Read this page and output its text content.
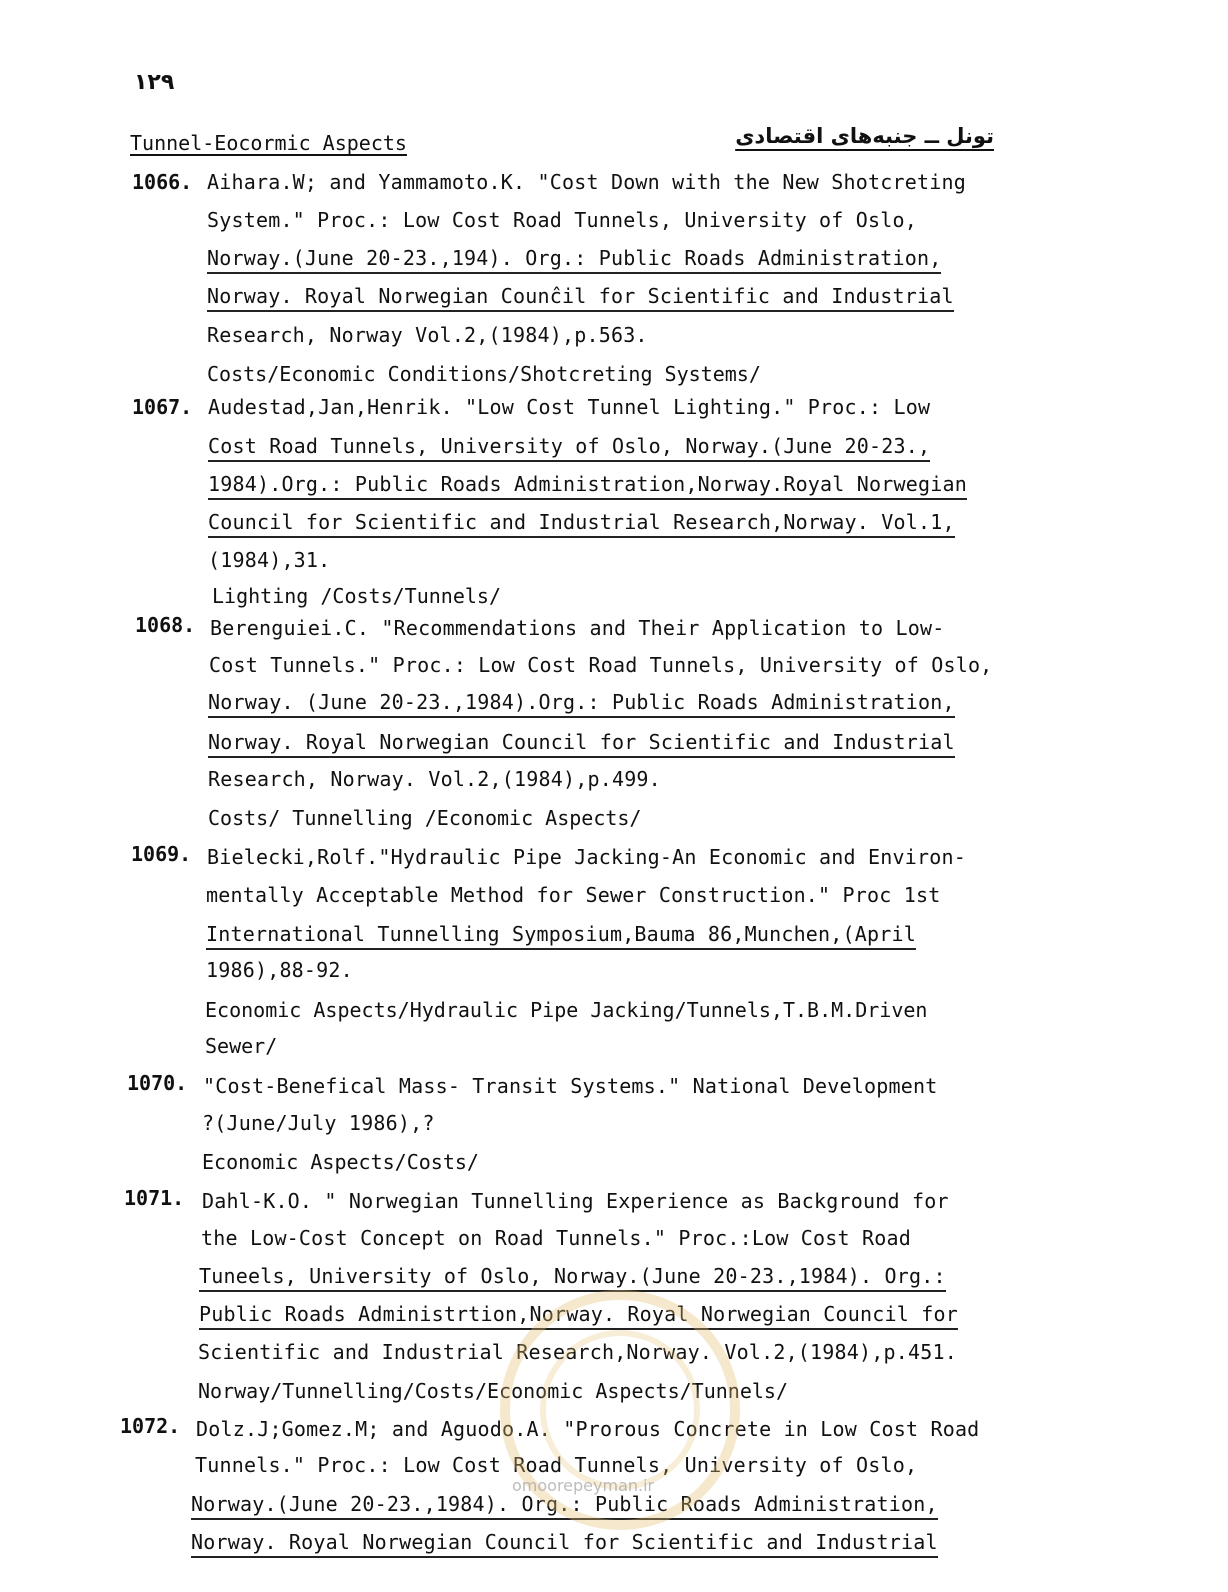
۱۲۹
Tunnel-Eocormic Aspects	تونل ــ جنبه‌های اقتصادی
1066. Aihara.W; and Yammamoto.K. "Cost Down with the New Shotcreting
System." Proc.: Low Cost Road Tunnels, University of Oslo,
Norway.(June 20-23.,194). Org.: Public Roads Administration,
Norway. Royal Norwegian Counĉil for Scientific and Industrial
Research, Norway Vol.2,(1984),p.563.
Costs/Economic Conditions/Shotcreting Systems/
1067. Audestad,Jan,Henrik. "Low Cost Tunnel Lighting." Proc.: Low
Cost Road Tunnels, University of Oslo, Norway.(June 20-23.,
1984).Org.: Public Roads Administration,Norway.Royal Norwegian
Council for Scientific and Industrial Research,Norway. Vol.1,
(1984),31.
Lighting /Costs/Tunnels/
1068. Berenguiei.C. "Recommendations and Their Application to Low-
Cost Tunnels." Proc.: Low Cost Road Tunnels, University of Oslo,
Norway. (June 20-23.,1984).Org.: Public Roads Administration,
Norway. Royal Norwegian Council for Scientific and Industrial
Research, Norway. Vol.2,(1984),p.499.
Costs/ Tunnelling /Economic Aspects/
1069. Bielecki,Rolf."Hydraulic Pipe Jacking-An Economic and Environ-
mentally Acceptable Method for Sewer Construction." Proc 1st
International Tunnelling Symposium,Bauma 86,Munchen,(April
1986),88-92.
Economic Aspects/Hydraulic Pipe Jacking/Tunnels,T.B.M.Driven
Sewer/
1070. "Cost-Benefical Mass- Transit Systems." National Development
?(June/July 1986),?
Economic Aspects/Costs/
1071. Dahl-K.O. " Norwegian Tunnelling Experience as Background for
the Low-Cost Concept on Road Tunnels." Proc.:Low Cost Road
Tuneels, University of Oslo, Norway.(June 20-23.,1984). Org.:
Public Roads Administrtion,Norway. Royal Norwegian Council for
Scientific and Industrial Research,Norway. Vol.2,(1984),p.451.
Norway/Tunnelling/Costs/Economic Aspects/Tunnels/
1072. Dolz.J;Gomez.M; and Aguodo.A. "Prorous Concrete in Low Cost Road
Tunnels." Proc.: Low Cost Road Tunnels, University of Oslo,
Norway.(June 20-23.,1984). Org.: Public Roads Administration,
Norway. Royal Norwegian Council for Scientific and Industrial
omoorepeyman.ir
